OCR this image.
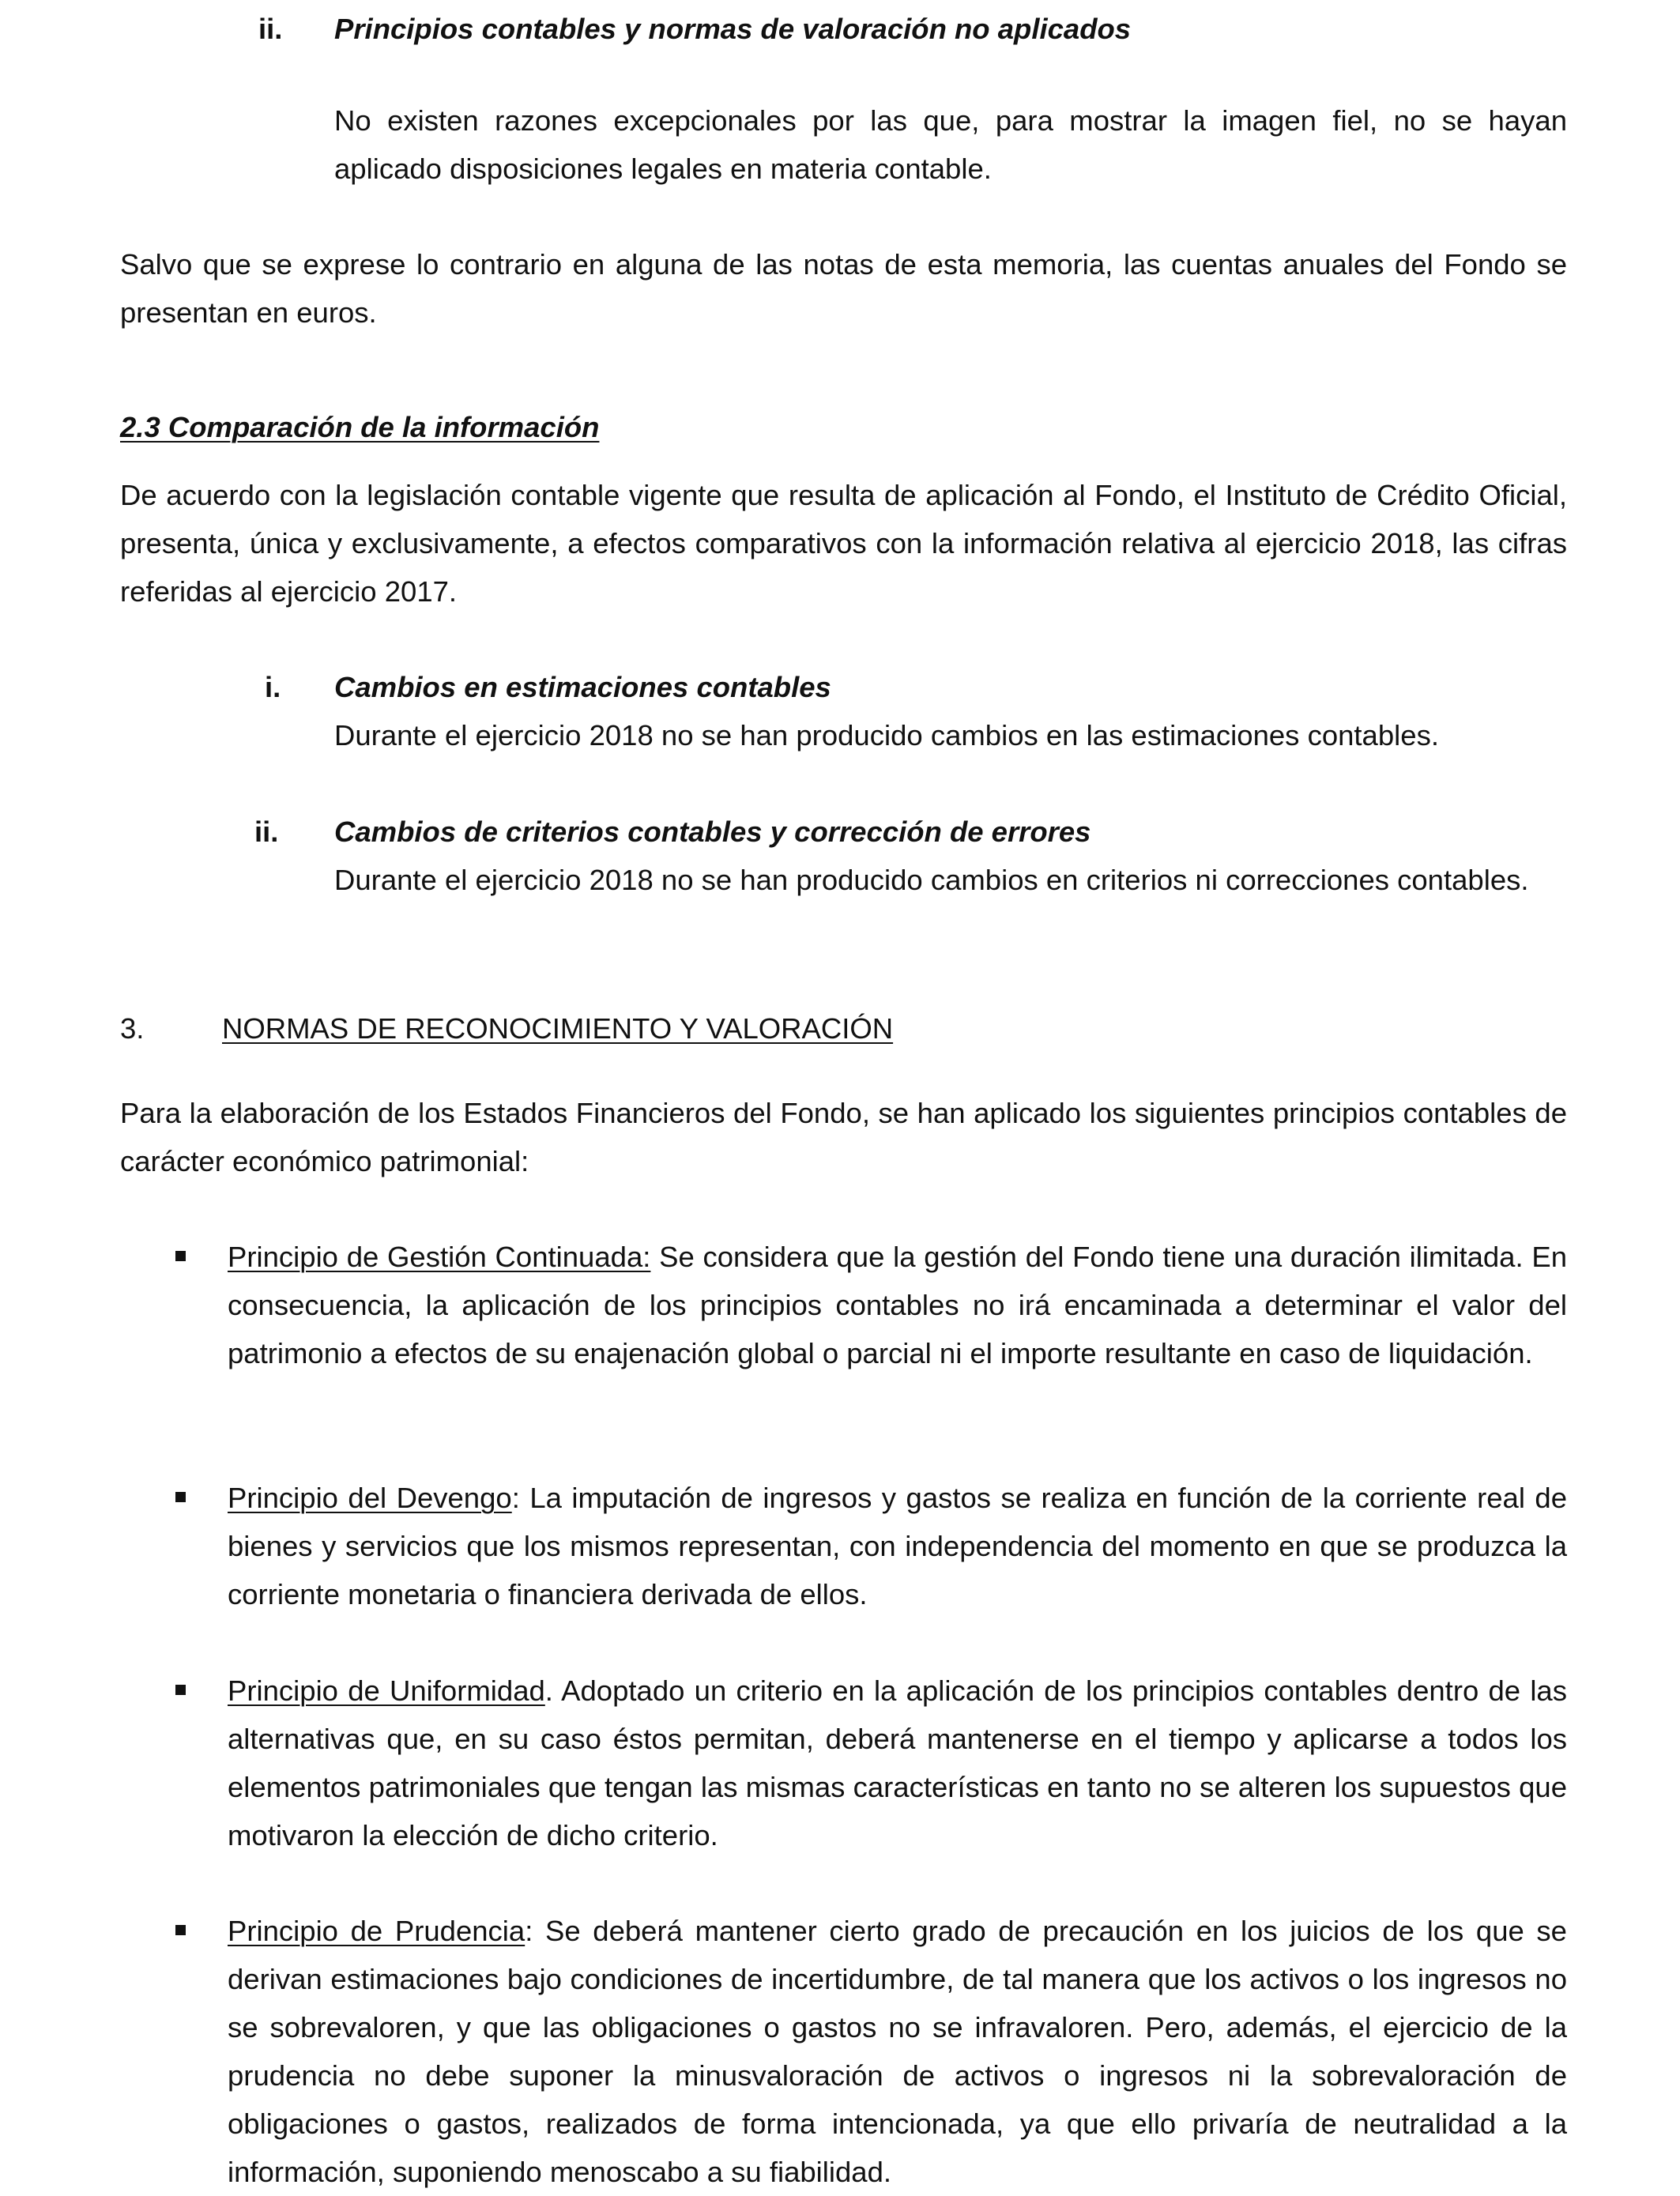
ii. Principios contables y normas de valoración no aplicados

No existen razones excepcionales por las que, para mostrar la imagen fiel, no se hayan aplicado disposiciones legales en materia contable.

Salvo que se exprese lo contrario en alguna de las notas de esta memoria, las cuentas anuales del Fondo se presentan en euros.

2.3 Comparación de la información

De acuerdo con la legislación contable vigente que resulta de aplicación al Fondo, el Instituto de Crédito Oficial, presenta, única y exclusivamente, a efectos comparativos con la información relativa al ejercicio 2018, las cifras referidas al ejercicio 2017.

i. Cambios en estimaciones contables

Durante el ejercicio 2018 no se han producido cambios en las estimaciones contables.

ii. Cambios de criterios contables y corrección de errores

Durante el ejercicio 2018 no se han producido cambios en criterios ni correcciones contables.

3.	NORMAS DE RECONOCIMIENTO Y VALORACIÓN

Para la elaboración de los Estados Financieros del Fondo, se han aplicado los siguientes principios contables de carácter económico patrimonial:

Principio de Gestión Continuada: Se considera que la gestión del Fondo tiene una duración ilimitada. En consecuencia, la aplicación de los principios contables no irá encaminada a determinar el valor del patrimonio a efectos de su enajenación global o parcial ni el importe resultante en caso de liquidación.

Principio del Devengo: La imputación de ingresos y gastos se realiza en función de la corriente real de bienes y servicios que los mismos representan, con independencia del momento en que se produzca la corriente monetaria o financiera derivada de ellos.

Principio de Uniformidad. Adoptado un criterio en la aplicación de los principios contables dentro de las alternativas que, en su caso éstos permitan, deberá mantenerse en el tiempo y aplicarse a todos los elementos patrimoniales que tengan las mismas características en tanto no se alteren los supuestos que motivaron la elección de dicho criterio.

Principio de Prudencia: Se deberá mantener cierto grado de precaución en los juicios de los que se derivan estimaciones bajo condiciones de incertidumbre, de tal manera que los activos o los ingresos no se sobrevaloren, y que las obligaciones o gastos no se infravaloren. Pero, además, el ejercicio de la prudencia no debe suponer la minusvaloración de activos o ingresos ni la sobrevaloración de obligaciones o gastos, realizados de forma intencionada, ya que ello privaría de neutralidad a la información, suponiendo menoscabo a su fiabilidad.
